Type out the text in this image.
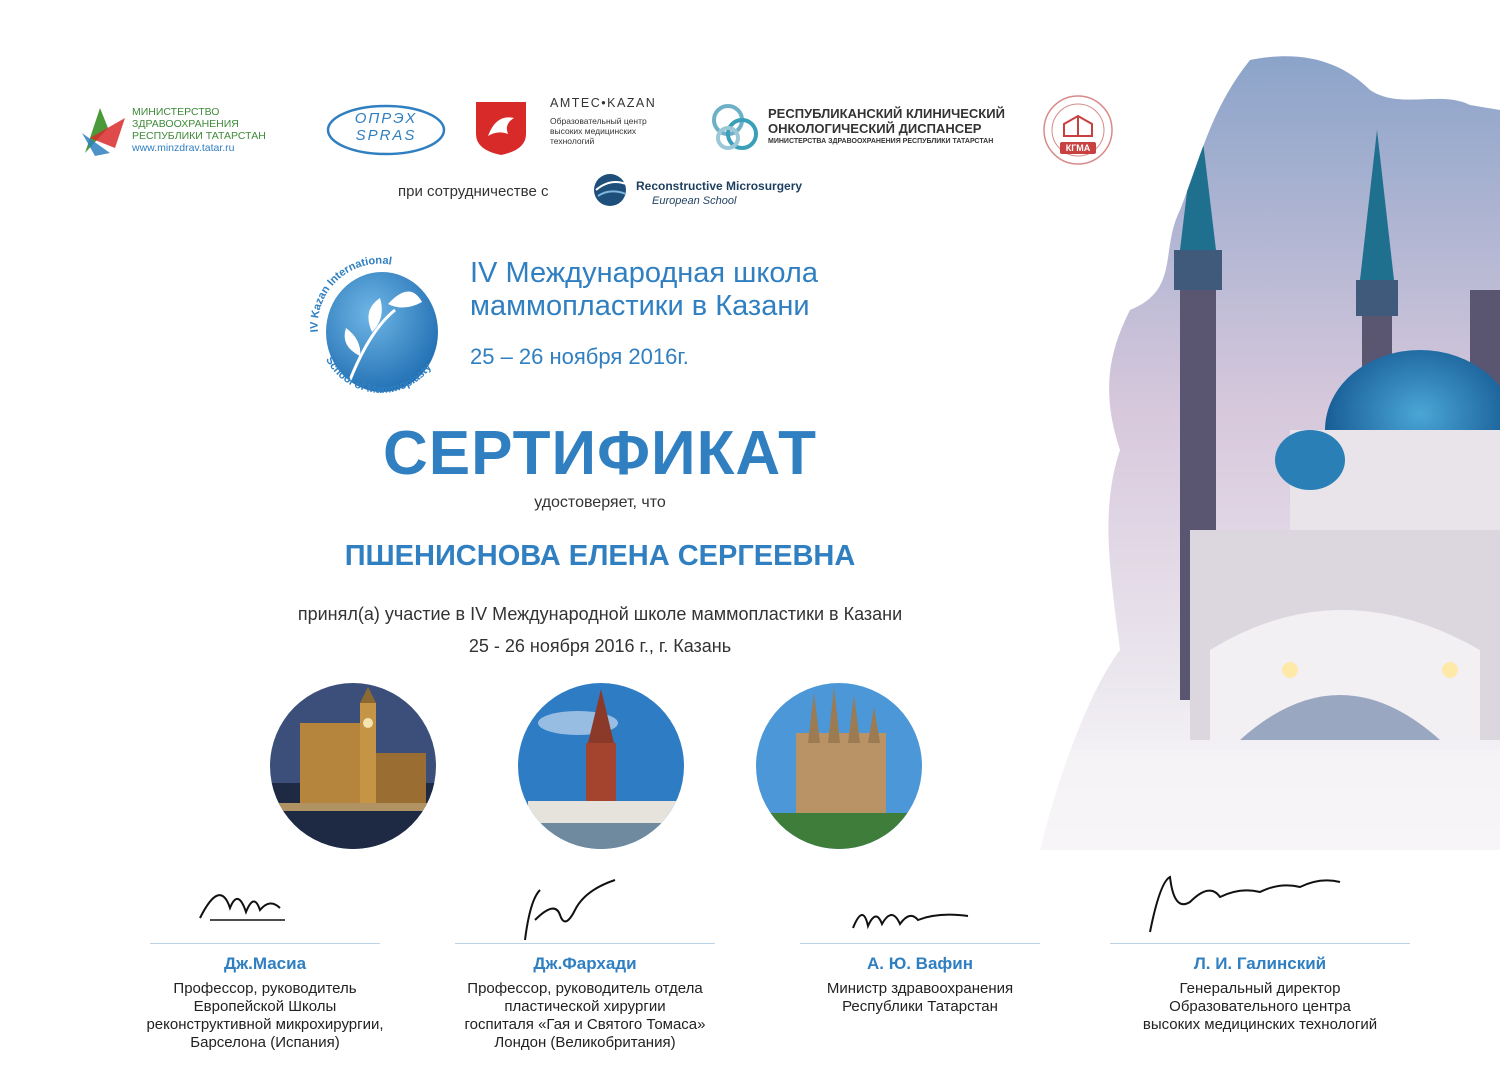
МИНИСТЕРСТВО ЗДРАВООХРАНЕНИЯ
РЕСПУБЛИКИ ТАТАРСТАН
www.minzdrav.tatar.ru
ОПРЭХ
SPRAS
AMTEC•KAZAN
Образовательный центр
высоких медицинских
технологий
РЕСПУБЛИКАНСКИЙ КЛИНИЧЕСКИЙ
ОНКОЛОГИЧЕСКИЙ ДИСПАНСЕР
МИНИСТЕРСТВА ЗДРАВООХРАНЕНИЯ РЕСПУБЛИКИ ТАТАРСТАН
КГМА
при сотрудничестве с	Reconstructive Microsurgery
European School
IV Kazan International
School of Mammoplasty
IV Международная школа
маммопластики в Казани
25 – 26 ноября 2016г.
СЕРТИФИКАТ
удостоверяет, что
ПШЕНИСНОВА ЕЛЕНА СЕРГЕЕВНА
принял(а) участие в IV Международной школе маммопластики в Казани
25 - 26 ноября 2016 г., г. Казань
Дж.Масиа
Профессор, руководитель
Европейской Школы
реконструктивной микрохирургии,
Барселона (Испания)
Дж.Фархади
Профессор, руководитель отдела
пластической хирургии
госпиталя «Гая и Святого Томаса»
Лондон (Великобритания)
А. Ю. Вафин
Министр здравоохранения
Республики Татарстан
Л. И. Галинский
Генеральный директор
Образовательного центра
высоких медицинских технологий
